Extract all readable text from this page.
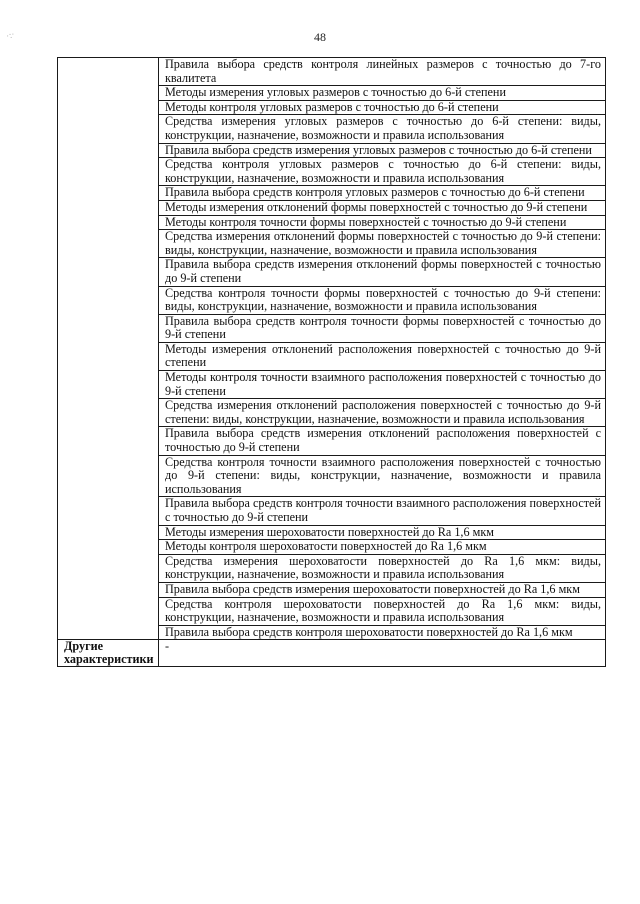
48
·:·
	Правила выбора средств контроля линейных размеров с точностью до 7-го квалитета
	Методы измерения угловых размеров с точностью до 6-й степени
	Методы контроля угловых размеров с точностью до 6-й степени
	Средства измерения угловых размеров с точностью до 6-й степени: виды, конструкции, назначение, возможности и правила использования
	Правила выбора средств измерения угловых размеров с точностью до 6-й степени
	Средства контроля угловых размеров с точностью до 6-й степени: виды, конструкции, назначение, возможности и правила использования
	Правила выбора средств контроля угловых размеров с точностью до 6-й степени
	Методы измерения отклонений формы поверхностей с точностью до 9-й степени
	Методы контроля точности формы поверхностей с точностью до 9-й степени
	Средства измерения отклонений формы поверхностей с точностью до 9-й степени: виды, конструкции, назначение, возможности и правила использования
	Правила выбора средств измерения отклонений формы поверхностей с точностью до 9-й степени
	Средства контроля точности формы поверхностей с точностью до 9-й степени: виды, конструкции, назначение, возможности и правила использования
	Правила выбора средств контроля точности формы поверхностей с точностью до 9-й степени
	Методы измерения отклонений расположения поверхностей с точностью до 9-й степени
	Методы контроля точности взаимного расположения поверхностей с точностью до 9-й степени
	Средства измерения отклонений расположения поверхностей с точностью до 9-й степени: виды, конструкции, назначение, возможности и правила использования
	Правила выбора средств измерения отклонений расположения поверхностей с точностью до 9-й степени
	Средства контроля точности взаимного расположения поверхностей с точностью до 9-й степени: виды, конструкции, назначение, возможности и правила использования
	Правила выбора средств контроля точности взаимного расположения поверхностей с точностью до 9-й степени
	Методы измерения шероховатости поверхностей до Ra 1,6 мкм
	Методы контроля шероховатости поверхностей до Ra 1,6 мкм
	Средства измерения шероховатости поверхностей до Ra 1,6 мкм: виды, конструкции, назначение, возможности и правила использования
	Правила выбора средств измерения шероховатости поверхностей до Ra 1,6 мкм
	Средства контроля шероховатости поверхностей до Ra 1,6 мкм: виды, конструкции, назначение, возможности и правила использования
	Правила выбора средств контроля шероховатости поверхностей до Ra 1,6 мкм
Другие характеристики	-
